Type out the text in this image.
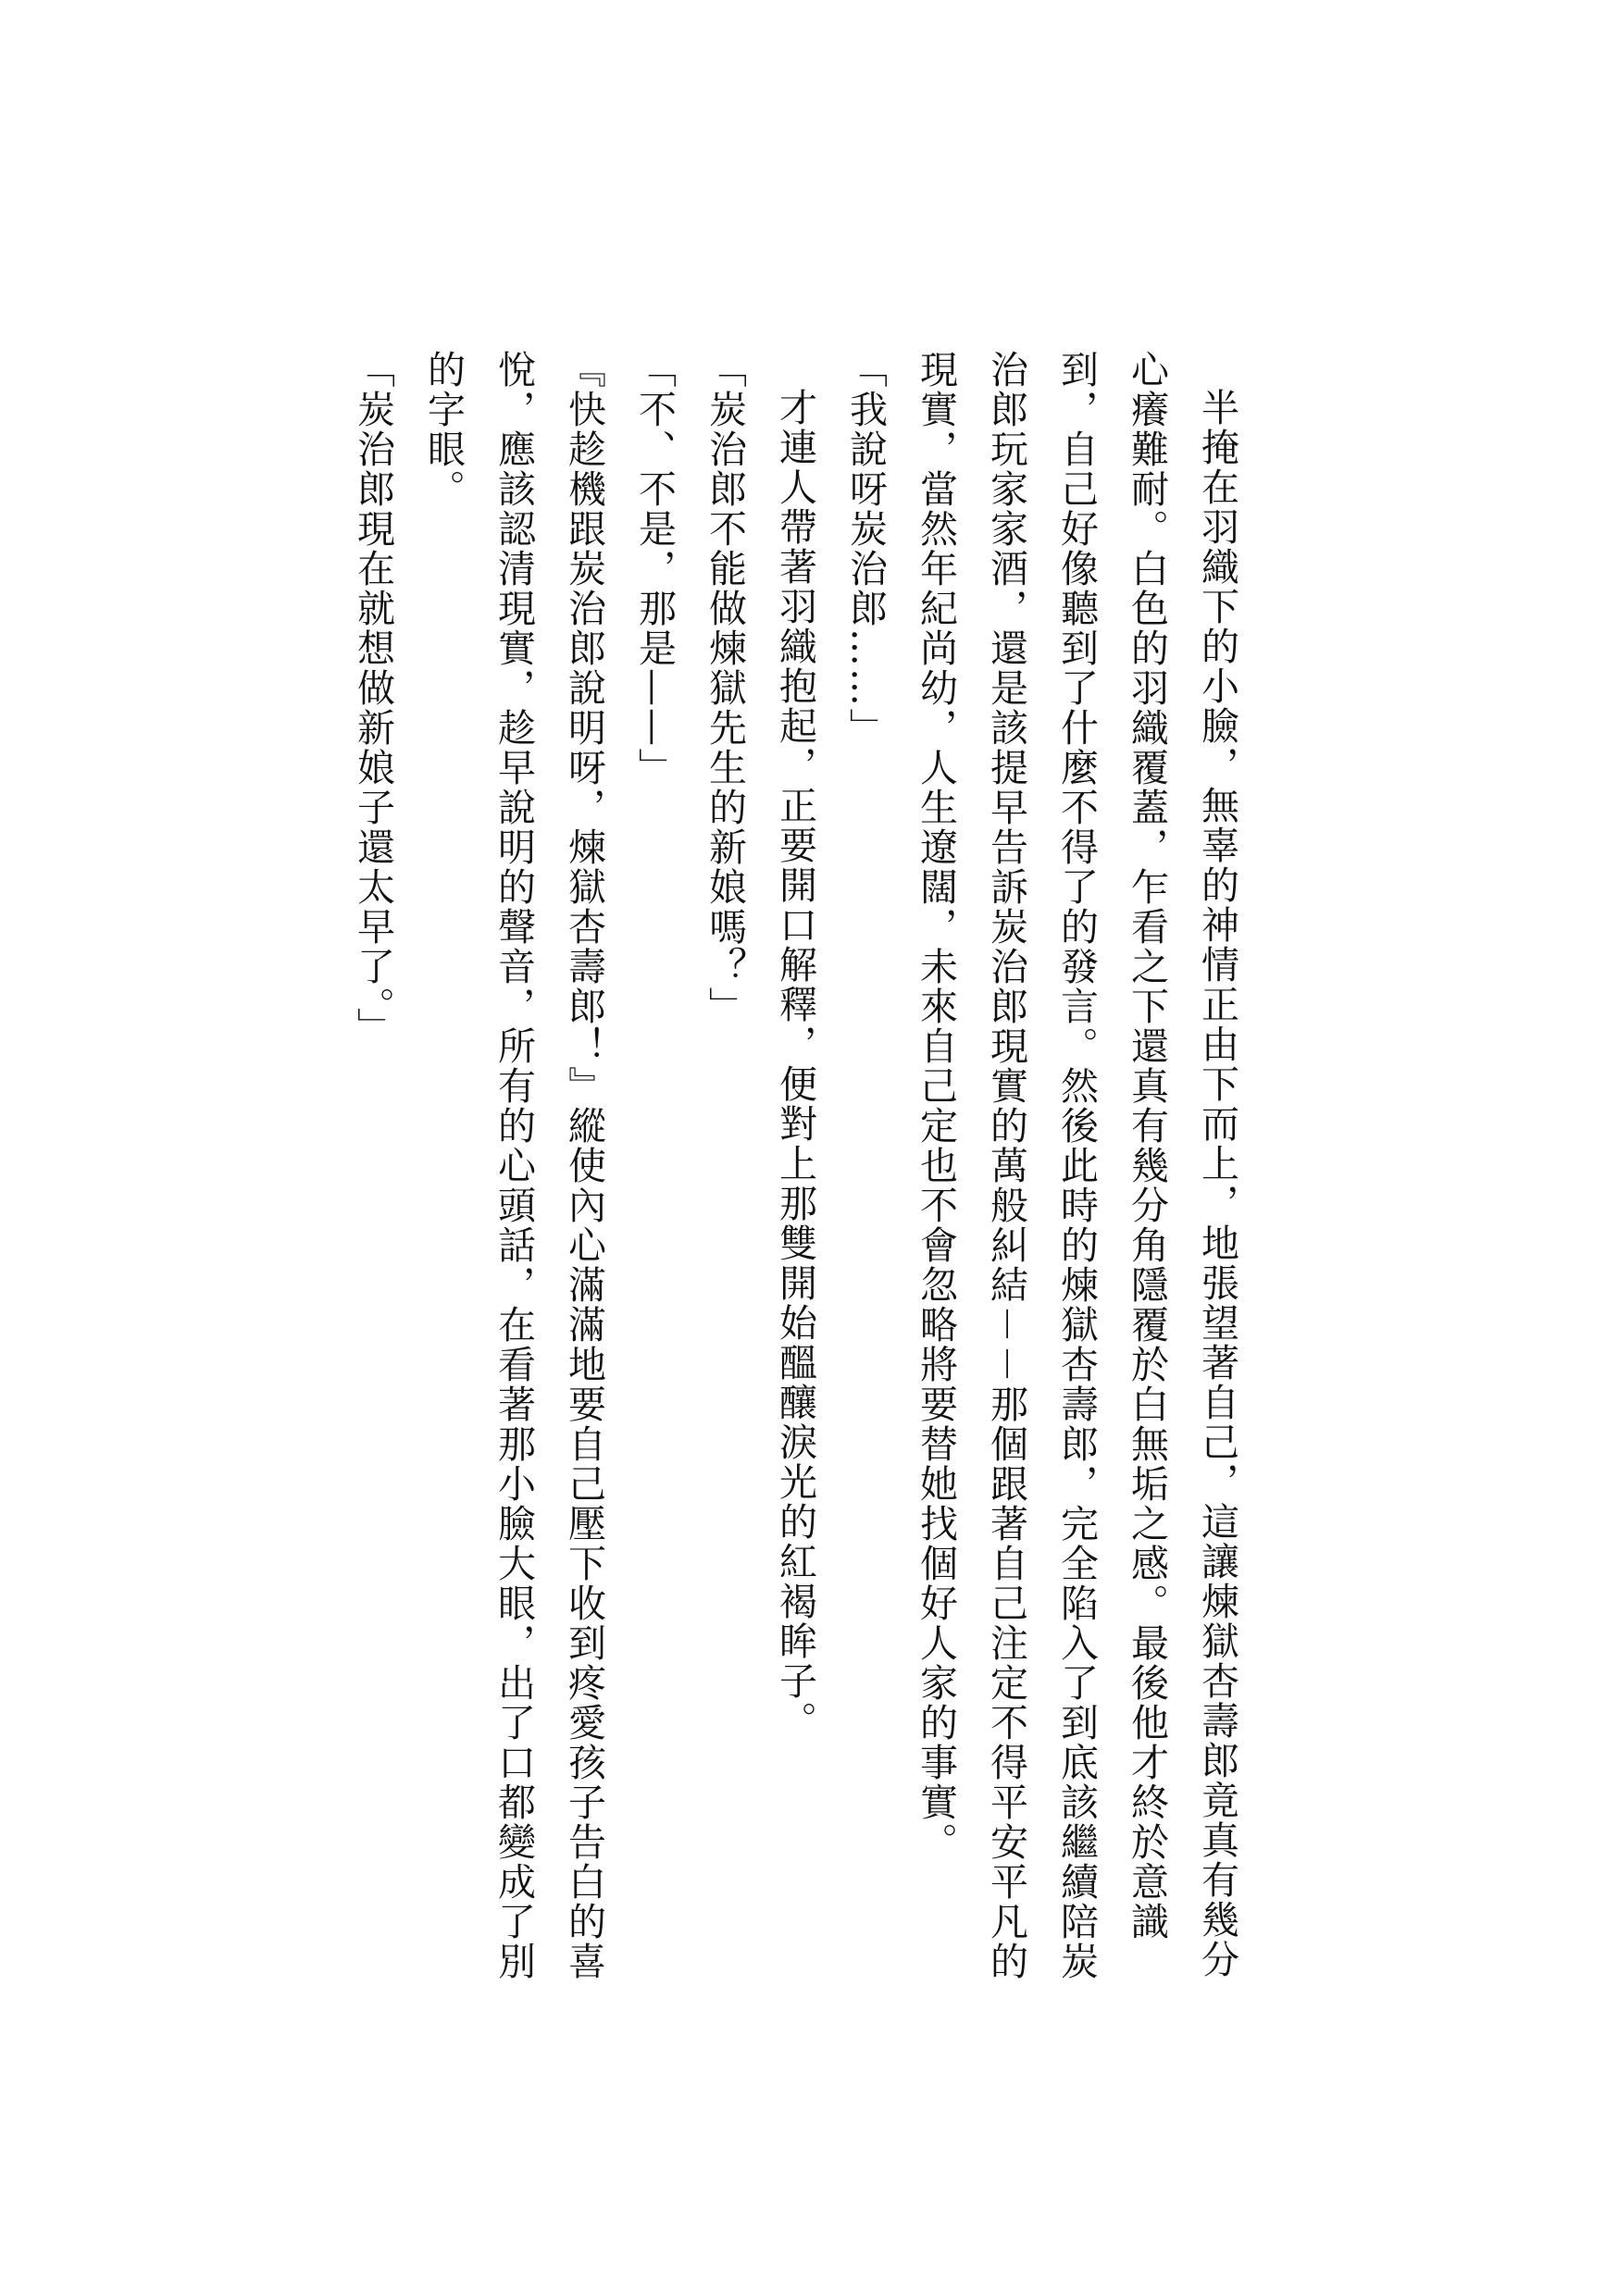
半掩在羽織下的小臉，無辜的神情正由下而上，地張望著自己，這讓煉獄杏壽郎竟真有幾分心癢難耐。白色的羽織覆蓋，乍看之下還真有幾分角隱覆於白無垢之感。最後他才終於意識到，自己好像聽到了什麼不得了的發言。然後此時的煉獄杏壽郎，完全陷入了到底該繼續陪炭治郎玩家家酒，還是該提早告訴炭治郎現實的萬般糾結－－那個跟著自己注定不得平安平凡的現實，當然年紀尚幼，人生遼闊，未來自己定也不會忽略將要替她找個好人家的事實。

「我說呀炭治郎……」

才連人帶著羽織抱起，正要開口解釋，便對上那雙開始醞釀淚光的紅褐眸子。

「炭治郎不能做煉獄先生的新娘嗎？」

「不、不是，那是——」

『快趁機跟炭治郎說明呀，煉獄杏壽郎！』縱使內心滿滿地要自己壓下收到疼愛孩子告白的喜悅，應該認清現實，趁早說明的聲音，所有的心頭話，在看著那小臉大眼，出了口都變成了別的字眼。

「炭治郎現在就想做新娘子還太早了。」
